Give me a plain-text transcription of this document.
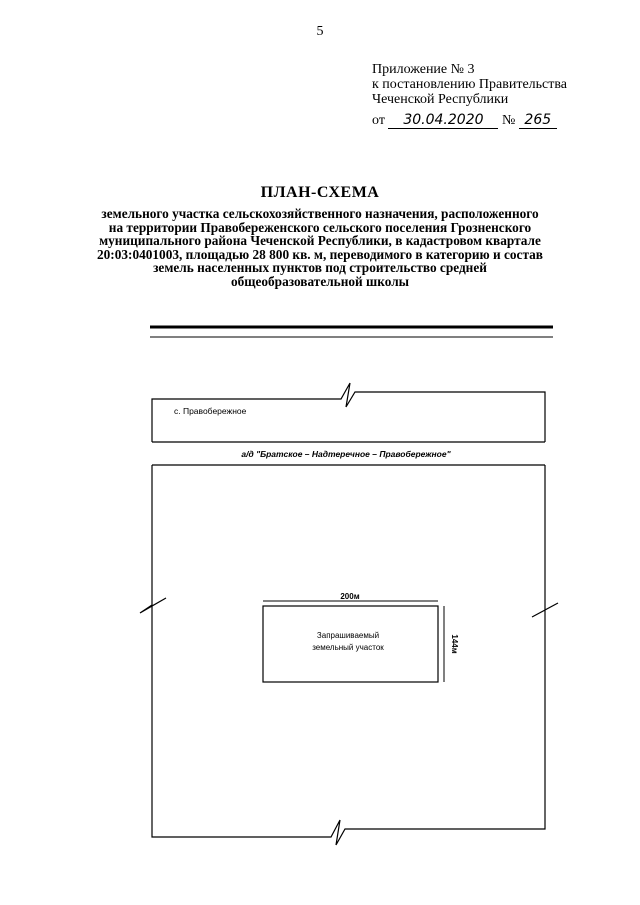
5
Приложение № 3
к постановлению Правительства
Чеченской Республики
от 30.04.2020 № 265
ПЛАН-СХЕМА
земельного участка сельскохозяйственного назначения, расположенного на территории Правобереженского сельского поселения Грозненского муниципального района Чеченской Республики, в кадастровом квартале 20:03:0401003, площадью 28 800 кв. м, переводимого в категорию и состав земель населенных пунктов под строительство средней общеобразовательной школы
с. Правобережное
а/д "Братское – Надтеречное – Правобережное"
200м
144м
Запрашиваемый
земельный участок
